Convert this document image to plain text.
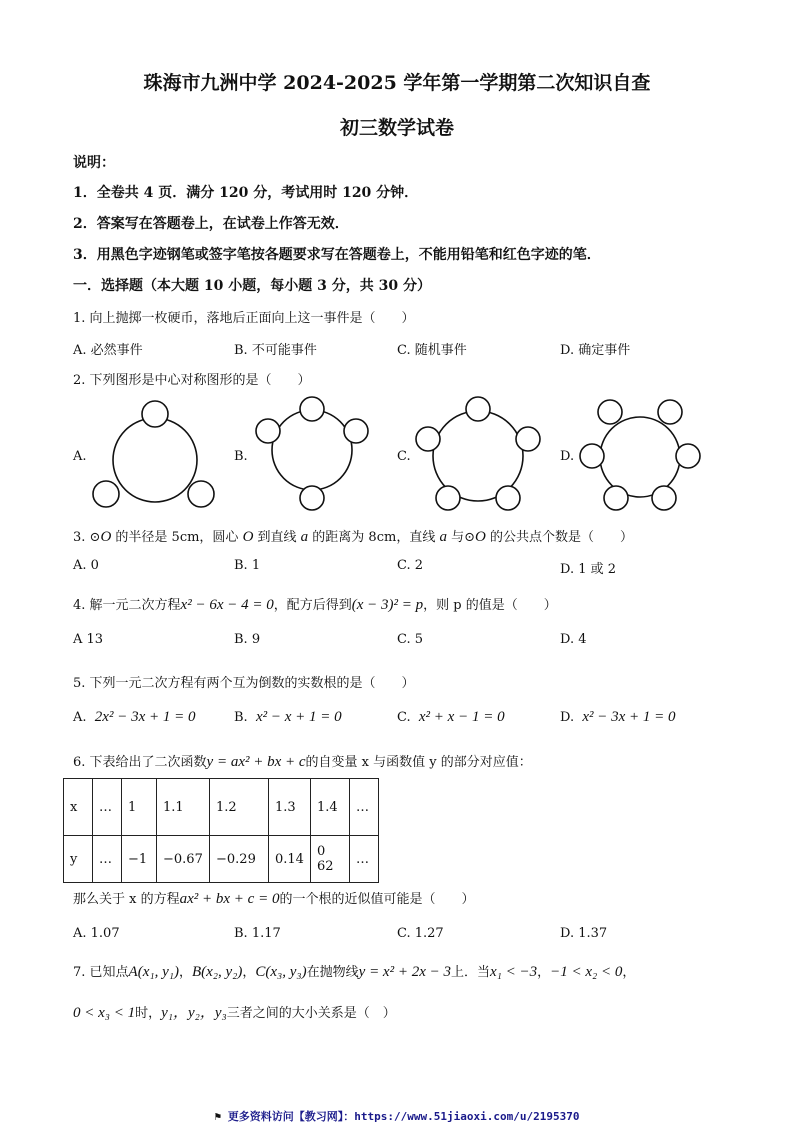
珠海市九洲中学 2024-2025 学年第一学期第二次知识自查
初三数学试卷
说明：
1．全卷共 4 页．满分 120 分，考试用时 120 分钟．
2．答案写在答题卷上，在试卷上作答无效．
3．用黑色字迹钢笔或签字笔按各题要求写在答题卷上，不能用铅笔和红色字迹的笔．
一．选择题（本大题 10 小题，每小题 3 分，共 30 分）
1. 向上抛掷一枚硬币，落地后正面向上这一事件是（　　）
A. 必然事件	B. 不可能事件	C. 随机事件	D. 确定事件
2. 下列图形是中心对称图形的是（　　）
A.	B.	C.	D.
3. ⊙O 的半径是 5cm，圆心 O 到直线 a 的距离为 8cm，直线 a 与⊙O 的公共点个数是（　　）
A. 0	B. 1	C. 2	D. 1 或 2
4. 解一元二次方程x² − 6x − 4 = 0，配方后得到(x − 3)² = p，则 p 的值是（　　）
A 13	B. 9	C. 5	D. 4
5. 下列一元二次方程有两个互为倒数的实数根的是（　　）
A. 2x² − 3x + 1 = 0	B. x² − x + 1 = 0	C. x² + x − 1 = 0	D. x² − 3x + 1 = 0
6. 下表给出了二次函数y = ax² + bx + c的自变量 x 与函数值 y 的部分对应值：
x	…	1	1.1	1.2	1.3	1.4	…
y	…	−1	−0.67	−0.29	0.14	0 62	…
那么关于 x 的方程ax² + bx + c = 0的一个根的近似值可能是（　　）
A. 1.07	B. 1.17	C. 1.27	D. 1.37
7. 已知点A(x₁, y₁)，B(x₂, y₂)，C(x₃, y₃)在抛物线y = x² + 2x − 3上．当x₁ < −3，−1 < x₂ < 0，
0 < x₃ < 1时，y₁，y₂，y₃三者之间的大小关系是（　）
⚑ 更多资料访问【教习网】：https://www.51jiaoxi.com/u/2195370
